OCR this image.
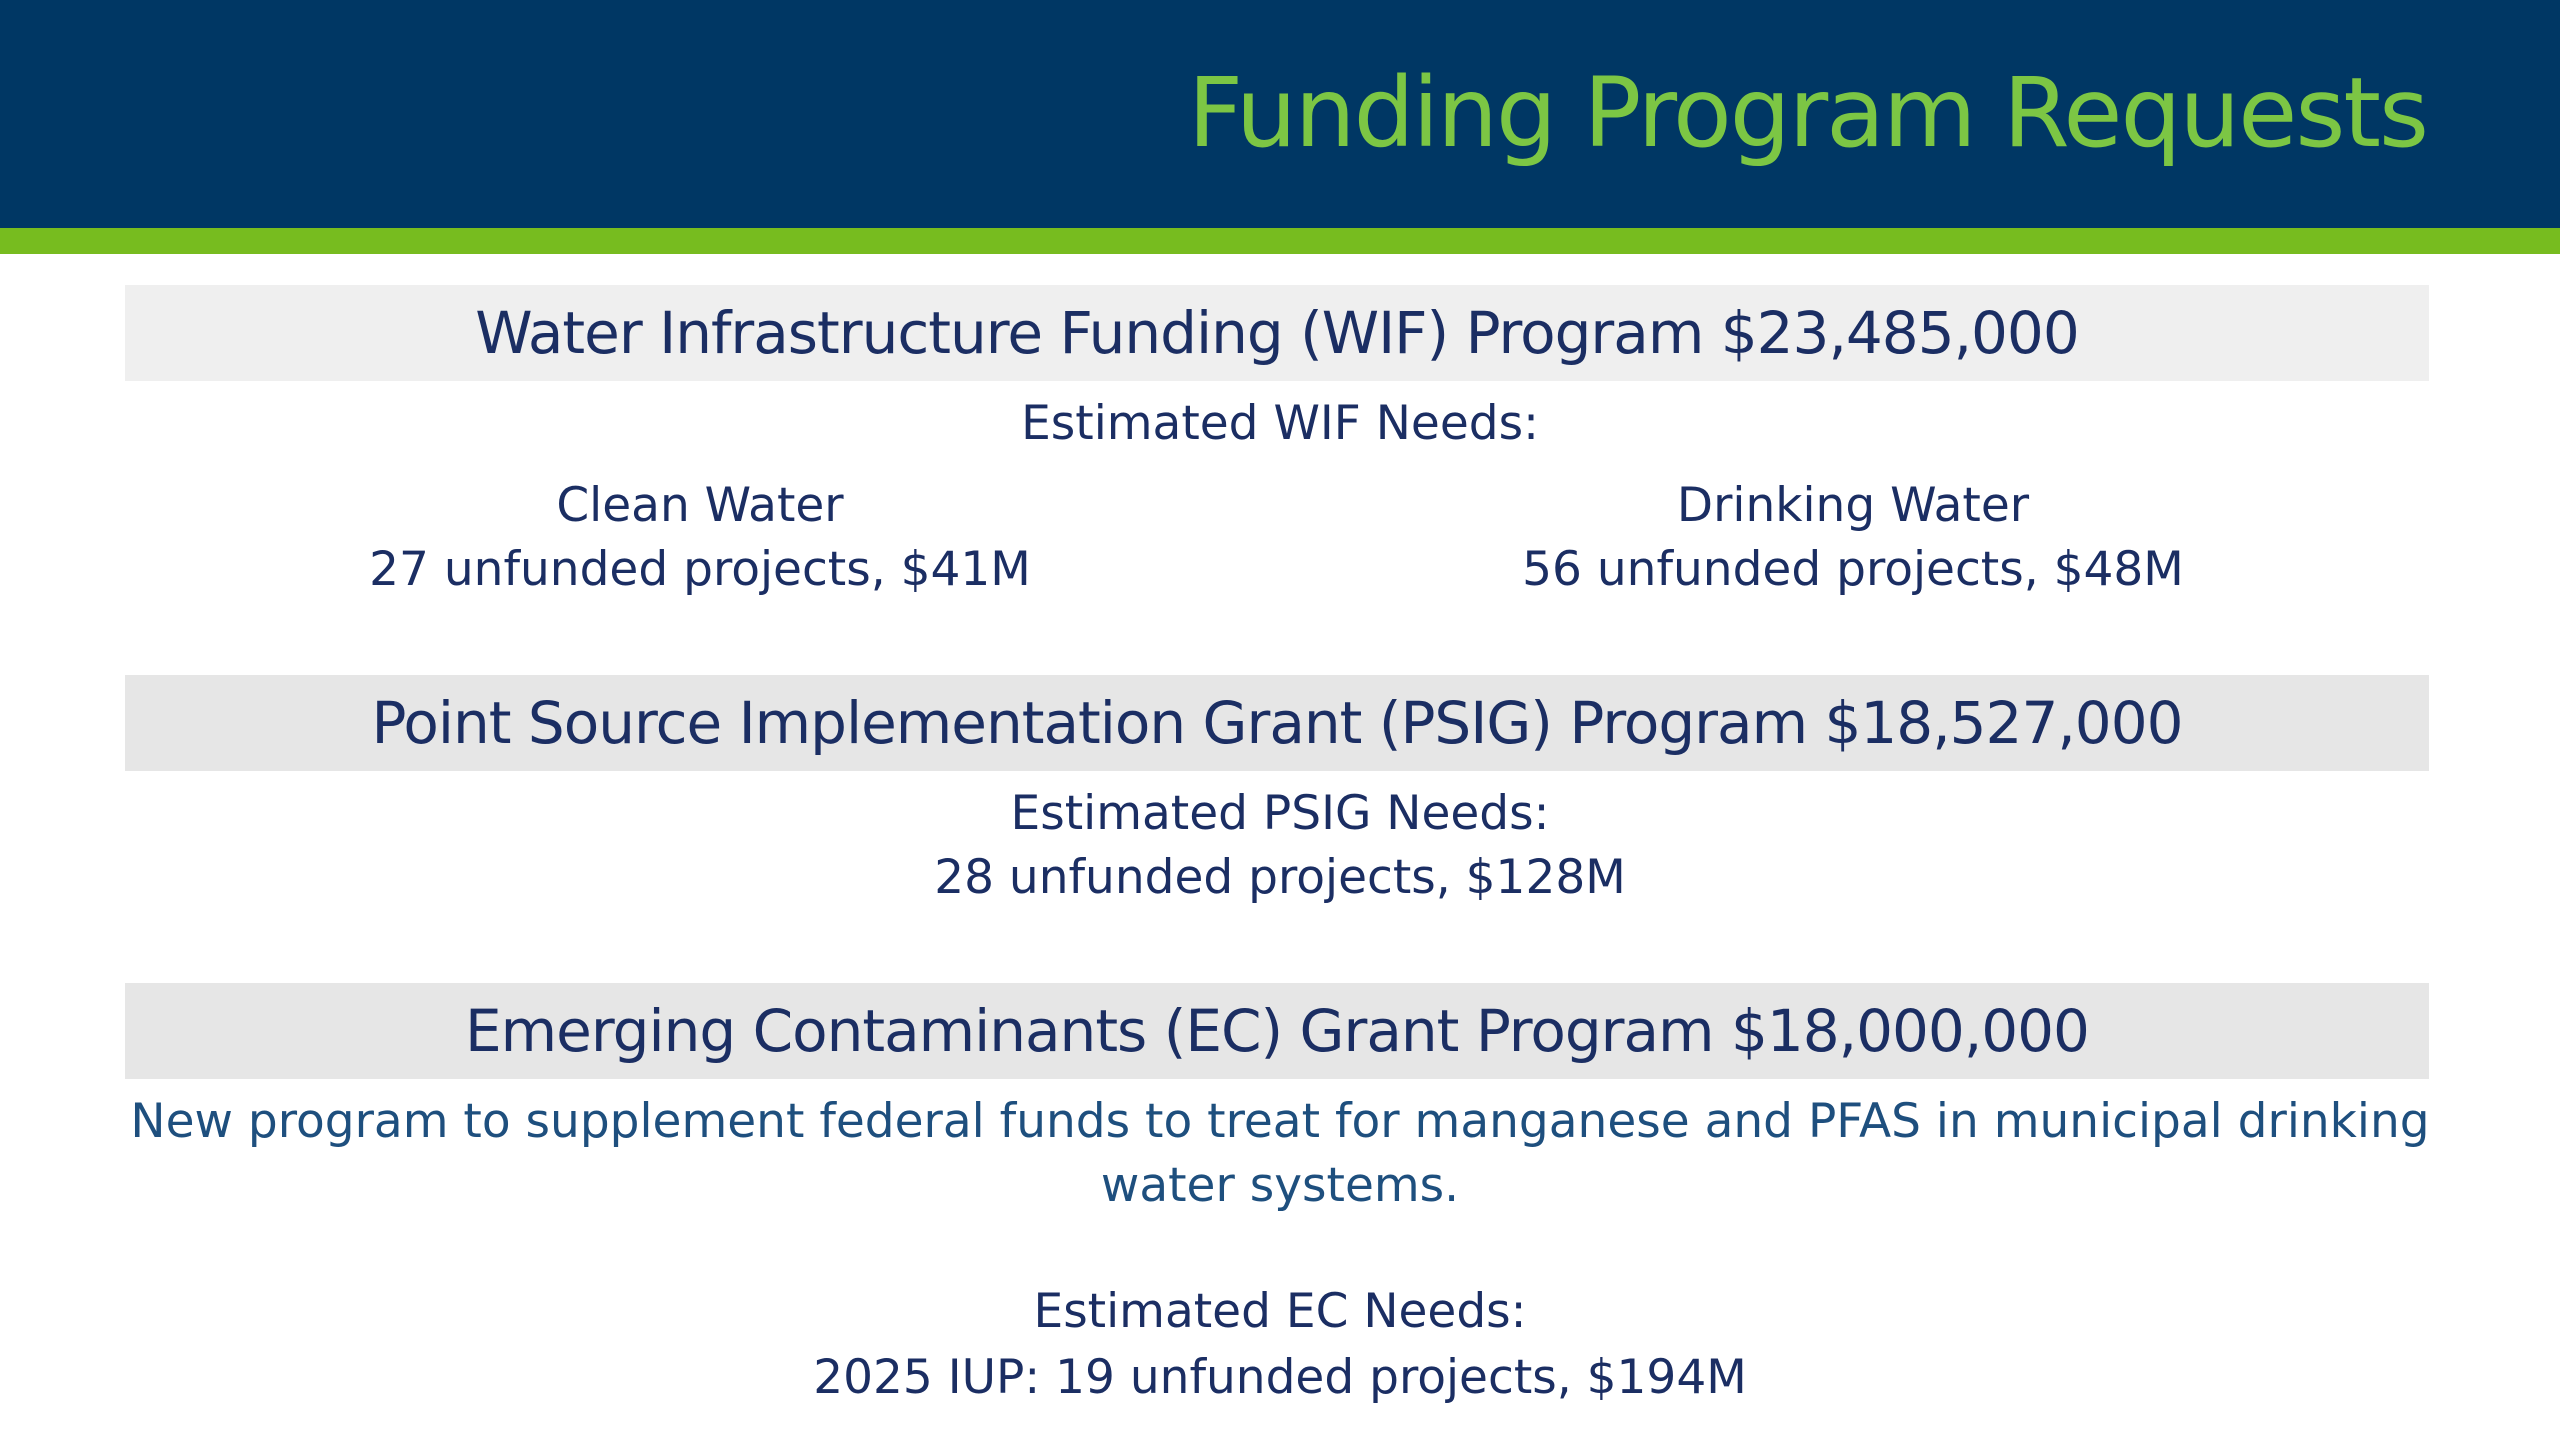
Funding Program Requests
Water Infrastructure Funding (WIF) Program $23,485,000
Estimated WIF Needs:
Clean Water
27 unfunded projects, $41M
Drinking Water
56 unfunded projects, $48M
Point Source Implementation Grant (PSIG) Program $18,527,000
Estimated PSIG Needs:
28 unfunded projects, $128M
Emerging Contaminants (EC) Grant Program $18,000,000
New program to supplement federal funds to treat for manganese and PFAS in municipal drinking
water systems.
Estimated EC Needs:
2025 IUP: 19 unfunded projects, $194M
